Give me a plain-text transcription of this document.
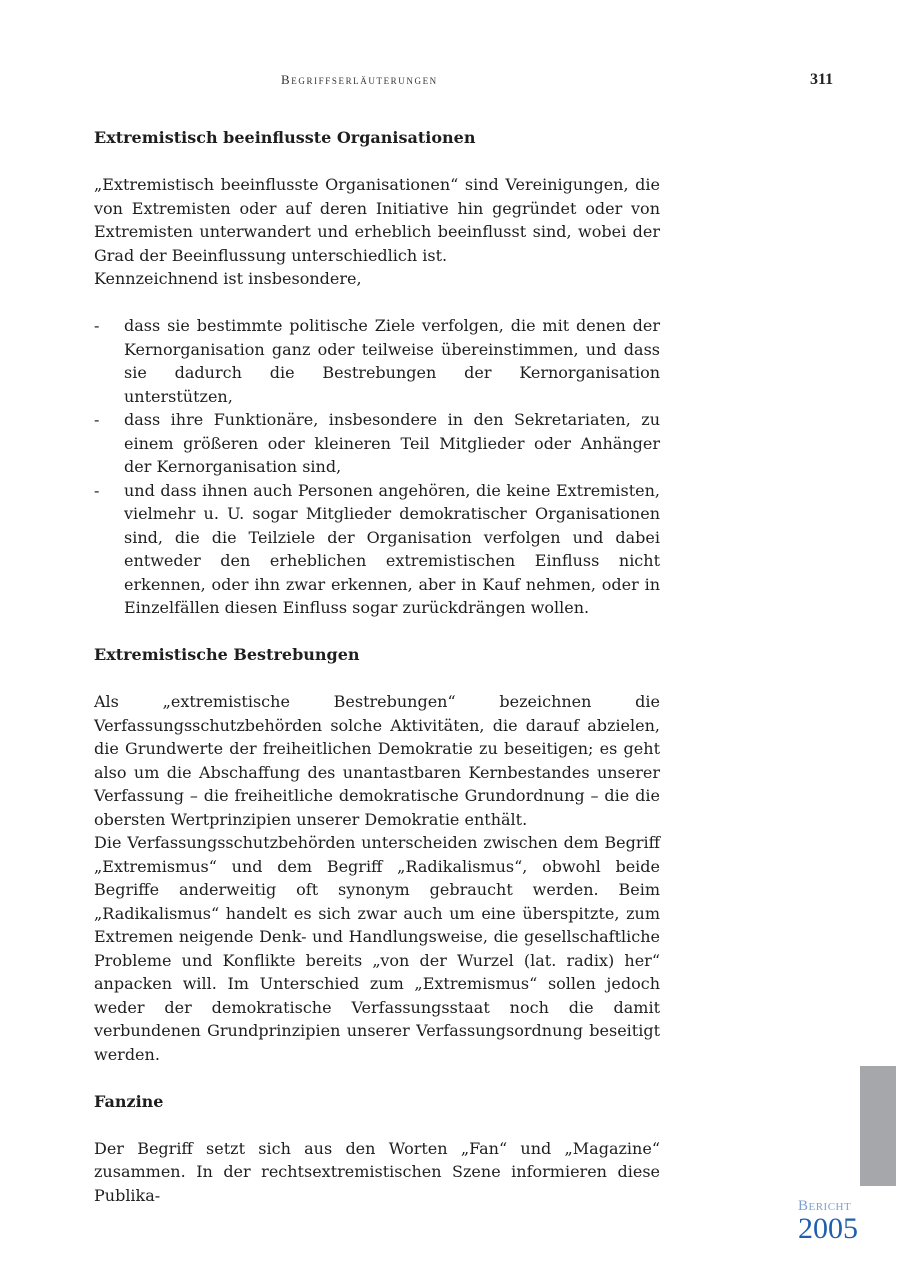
Begriffserläuterungen	311
Extremistisch beeinflusste Organisationen

„Extremistisch beeinflusste Organisationen“ sind Vereinigungen, die von Extremisten oder auf deren Initiative hin gegründet oder von Extremisten unterwandert und erheblich beeinflusst sind, wobei der Grad der Beeinflussung unterschiedlich ist.

Kennzeichnend ist insbesondere,

- dass sie bestimmte politische Ziele verfolgen, die mit denen der Kernorganisation ganz oder teilweise übereinstimmen, und dass sie dadurch die Bestrebungen der Kernorganisation unterstützen,
- dass ihre Funktionäre, insbesondere in den Sekretariaten, zu einem größeren oder kleineren Teil Mitglieder oder Anhänger der Kernorganisation sind,
- und dass ihnen auch Personen angehören, die keine Extremisten, vielmehr u. U. sogar Mitglieder demokratischer Organisationen sind, die die Teilziele der Organisation verfolgen und dabei entweder den erheblichen extremistischen Einfluss nicht erkennen, oder ihn zwar erkennen, aber in Kauf nehmen, oder in Einzelfällen diesen Einfluss sogar zurückdrängen wollen.
Extremistische Bestrebungen

Als „extremistische Bestrebungen“ bezeichnen die Verfassungsschutzbehörden solche Aktivitäten, die darauf abzielen, die Grundwerte der freiheitlichen Demokratie zu beseitigen; es geht also um die Abschaffung des unantastbaren Kernbestandes unserer Verfassung – die freiheitliche demokratische Grundordnung – die die obersten Wertprinzipien unserer Demokratie enthält.

Die Verfassungsschutzbehörden unterscheiden zwischen dem Begriff „Extremismus“ und dem Begriff „Radikalismus“, obwohl beide Begriffe anderweitig oft synonym gebraucht werden. Beim „Radikalismus“ handelt es sich zwar auch um eine überspitzte, zum Extremen neigende Denk- und Handlungsweise, die gesellschaftliche Probleme und Konflikte bereits „von der Wurzel (lat. radix) her“ anpacken will. Im Unterschied zum „Extremismus“ sollen jedoch weder der demokratische Verfassungsstaat noch die damit verbundenen Grundprinzipien unserer Verfassungsordnung beseitigt werden.

Fanzine

Der Begriff setzt sich aus den Worten „Fan“ und „Magazine“ zusammen. In der rechtsextremistischen Szene informieren diese Publika-

Bericht
2005
